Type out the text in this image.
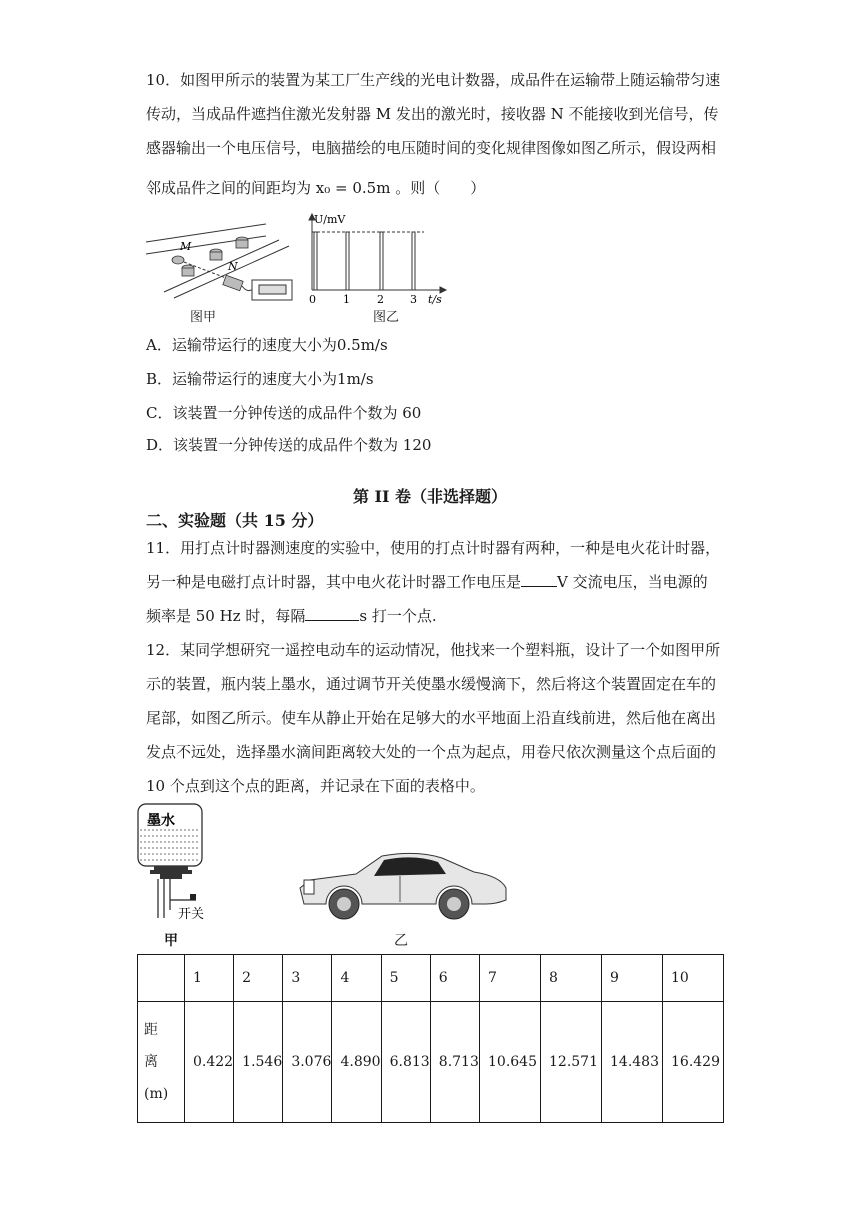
10．如图甲所示的装置为某工厂生产线的光电计数器，成品件在运输带上随运输带匀速

传动，当成品件遮挡住激光发射器 M 发出的激光时，接收器 N 不能接收到光信号，传

感器输出一个电压信号，电脑描绘的电压随时间的变化规律图像如图乙所示，假设两相

邻成品件之间的间距均为 x₀ = 0.5m 。则（　　）

M
N
图甲
U/mV
0 1 2 3 t/s
图乙
A．运输带运行的速度大小为0.5m/s
B．运输带运行的速度大小为1m/s
C．该装置一分钟传送的成品件个数为 60
D．该装置一分钟传送的成品件个数为 120
第 II 卷（非选择题）
二、实验题（共 15 分）

11．用打点计时器测速度的实验中，使用的打点计时器有两种，一种是电火花计时器，

另一种是电磁打点计时器，其中电火花计时器工作电压是 V 交流电压，当电源的

频率是 50 Hz 时，每隔	s 打一个点.

12．某同学想研究一遥控电动车的运动情况，他找来一个塑料瓶，设计了一个如图甲所

示的装置，瓶内装上墨水，通过调节开关使墨水缓慢滴下，然后将这个装置固定在车的

尾部，如图乙所示。使车从静止开始在足够大的水平地面上沿直线前进，然后他在离出

发点不远处，选择墨水滴间距离较大处的一个点为起点，用卷尺依次测量这个点后面的

10 个点到这个点的距离，并记录在下面的表格中。

墨水
开关
甲	乙
	1	2	3	4	5	6	7	8	9	10

距
离
(m)	0.422	1.546	3.076	4.890	6.813	8.713	10.645	12.571	14.483	16.429
